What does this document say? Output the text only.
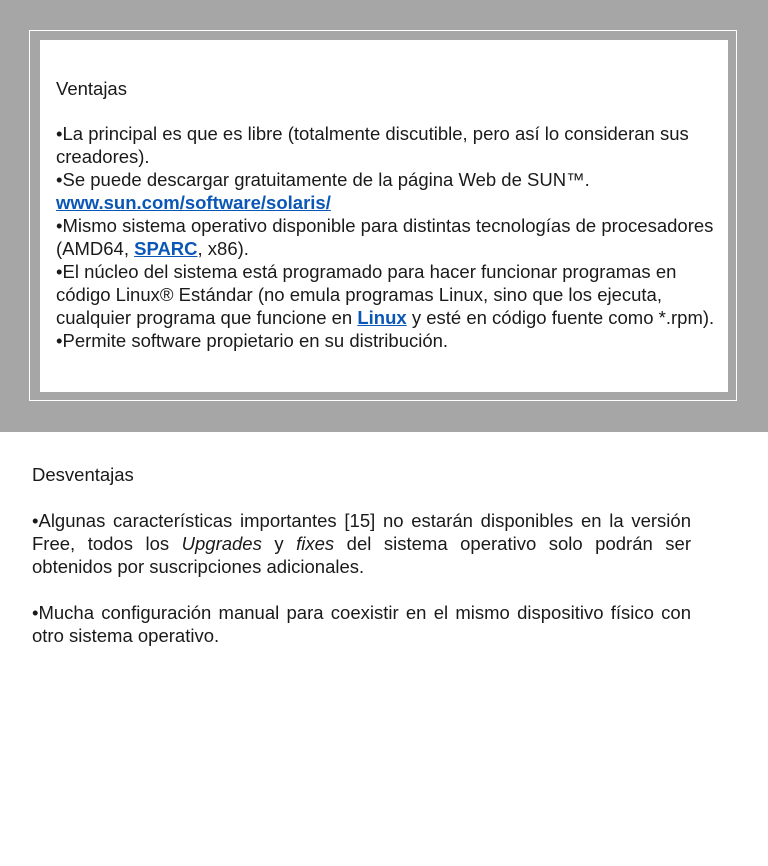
Ventajas

•La principal es que es libre (totalmente discutible, pero así lo consideran sus creadores).

•Se puede descargar gratuitamente de la página Web de SUN™. www.sun.com/software/solaris/

•Mismo sistema operativo disponible para distintas tecnologías de procesadores (AMD64, SPARC, x86).

•El núcleo del sistema está programado para hacer funcionar programas en código Linux® Estándar (no emula programas Linux, sino que los ejecuta, cualquier programa que funcione en Linux y esté en código fuente como *.rpm).

•Permite software propietario en su distribución.

Desventajas

•Algunas características importantes [15] no estarán disponibles en la versión Free, todos los Upgrades y fixes del sistema operativo solo podrán ser obtenidos por suscripciones adicionales.

•Mucha configuración manual para coexistir en el mismo dispositivo físico con otro sistema operativo.
